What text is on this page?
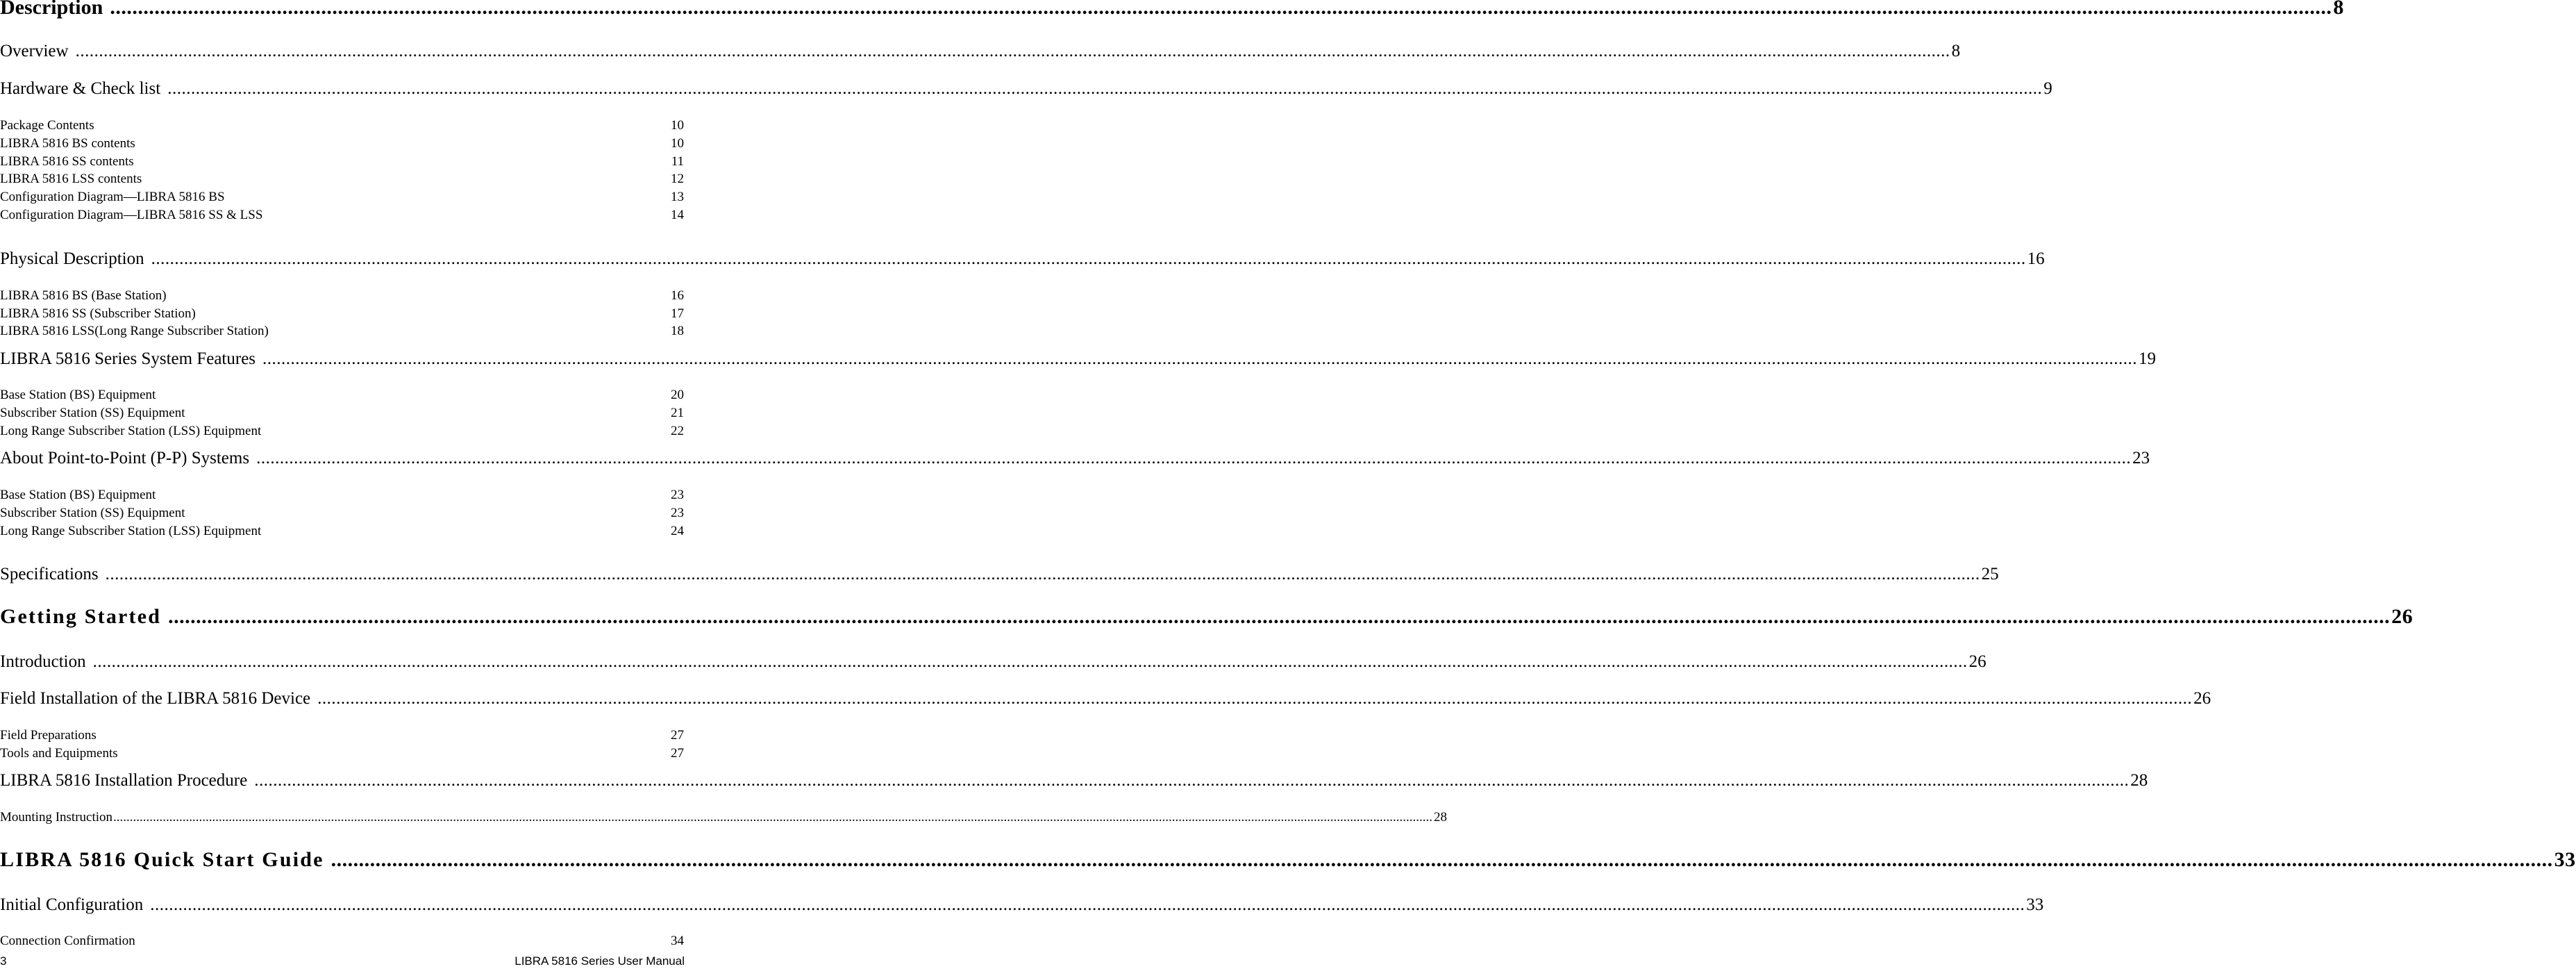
Description ................................................................................................................................................................................................................................................................................................................................................................................................................ 8
Overview ................................................................................................................................................................................................................................................................................................................................................................................................................ 8
Hardware & Check list ................................................................................................................................................................................................................................................................................................................................................................................................................ 9
Package Contents	10
LIBRA 5816 BS contents	10
LIBRA 5816 SS contents	11
LIBRA 5816 LSS contents	12
Configuration Diagram—LIBRA 5816 BS	13
Configuration Diagram—LIBRA 5816 SS & LSS	14
Physical Description ................................................................................................................................................................................................................................................................................................................................................................................................................ 16
LIBRA 5816 BS (Base Station)	16
LIBRA 5816 SS (Subscriber Station)	17
LIBRA 5816 LSS(Long Range Subscriber Station)	18
LIBRA 5816 Series System Features ................................................................................................................................................................................................................................................................................................................................................................................................................ 19
Base Station (BS) Equipment	20
Subscriber Station (SS) Equipment	21
Long Range Subscriber Station (LSS) Equipment	22
About Point-to-Point (P-P) Systems ................................................................................................................................................................................................................................................................................................................................................................................................................ 23
Base Station (BS) Equipment	23
Subscriber Station (SS) Equipment	23
Long Range Subscriber Station (LSS) Equipment	24
Specifications ................................................................................................................................................................................................................................................................................................................................................................................................................ 25
Getting Started ................................................................................................................................................................................................................................................................................................................................................................................................................ 26
Introduction ................................................................................................................................................................................................................................................................................................................................................................................................................ 26
Field Installation of the LIBRA 5816 Device ................................................................................................................................................................................................................................................................................................................................................................................................................ 26
Field Preparations	27
Tools and Equipments	27
LIBRA 5816 Installation Procedure ................................................................................................................................................................................................................................................................................................................................................................................................................ 28
Mounting Instruction ................................................................................................................................................................................................................................................................................................................................................................................................................ 28
LIBRA 5816 Quick Start Guide ................................................................................................................................................................................................................................................................................................................................................................................................................ 33
Initial Configuration ................................................................................................................................................................................................................................................................................................................................................................................................................ 33
Connection Confirmation	34
3	LIBRA 5816 Series User Manual
